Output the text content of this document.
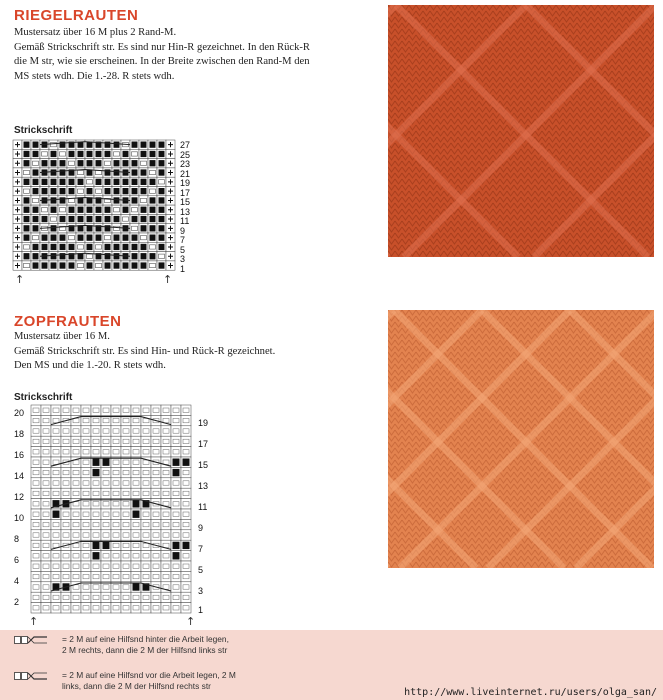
RIEGELRAUTEN
Mustersatz über 16 M plus 2 Rand-M.
Gemäß Strickschrift str. Es sind nur Hin-R gezeichnet. In den Rück-R
die M str, wie sie erscheinen. In der Breite zwischen den Rand-M den
MS stets wdh. Die 1.-28. R stets wdh.
Strickschrift
27
25
23
21
19
17
15
13
11
9
7
5
3
1
↑	↑
ZOPFRAUTEN
Mustersatz über 16 M.
Gemäß Strickschrift str. Es sind Hin- und Rück-R gezeichnet.
Den MS und die 1.-20. R stets wdh.
Strickschrift
20
18
16
14
12
10
8
6
4
2
19
17
15
13
11
9
7
5
3
1
↑	↑
= 2 M auf eine Hilfsnd hinter die Arbeit legen,
2 M rechts, dann die 2 M der Hilfsnd links str
= 2 M auf eine Hilfsnd vor die Arbeit legen, 2 M
links, dann die 2 M der Hilfsnd rechts str
http://www.liveinternet.ru/users/olga_san/
